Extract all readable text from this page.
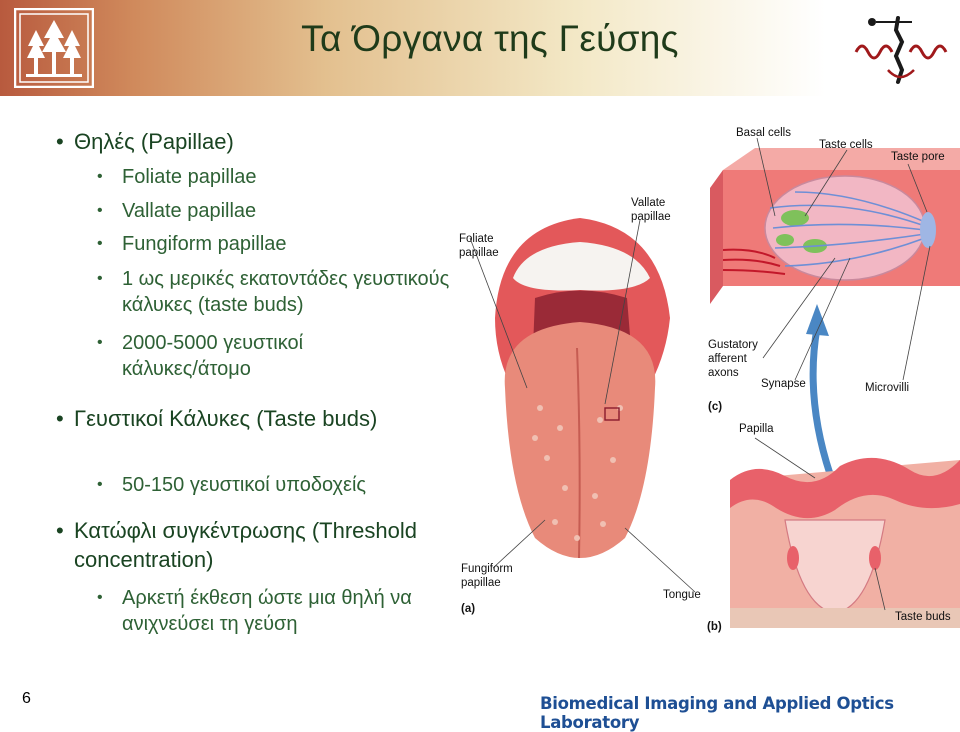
Τα Όργανα της Γεύσης
• Θηλές (Papillae)
• Foliate papillae
• Vallate papillae
• Fungiform papillae
• 1 ως μερικές εκατοντάδες γευστικούς κάλυκες (taste buds)
• 2000-5000 γευστικοί κάλυκες/άτομο
• Γευστικοί Κάλυκες (Taste buds)
• 50-150 γευστικοί υποδοχείς
• Κατώφλι συγκέντρωσης (Threshold concentration)
• Αρκετή έκθεση ώστε μια θηλή να ανιχνεύσει τη γεύση
Basal cells
Taste cells
Taste pore
Vallate
papillae
Foliate
papillae
Gustatory
afferent
axons
Synapse	Microvilli
(c)
Papilla
Fungiform
papillae
(a)
Tongue
(b)
Taste buds
6	Biomedical Imaging and Applied Optics Laboratory
